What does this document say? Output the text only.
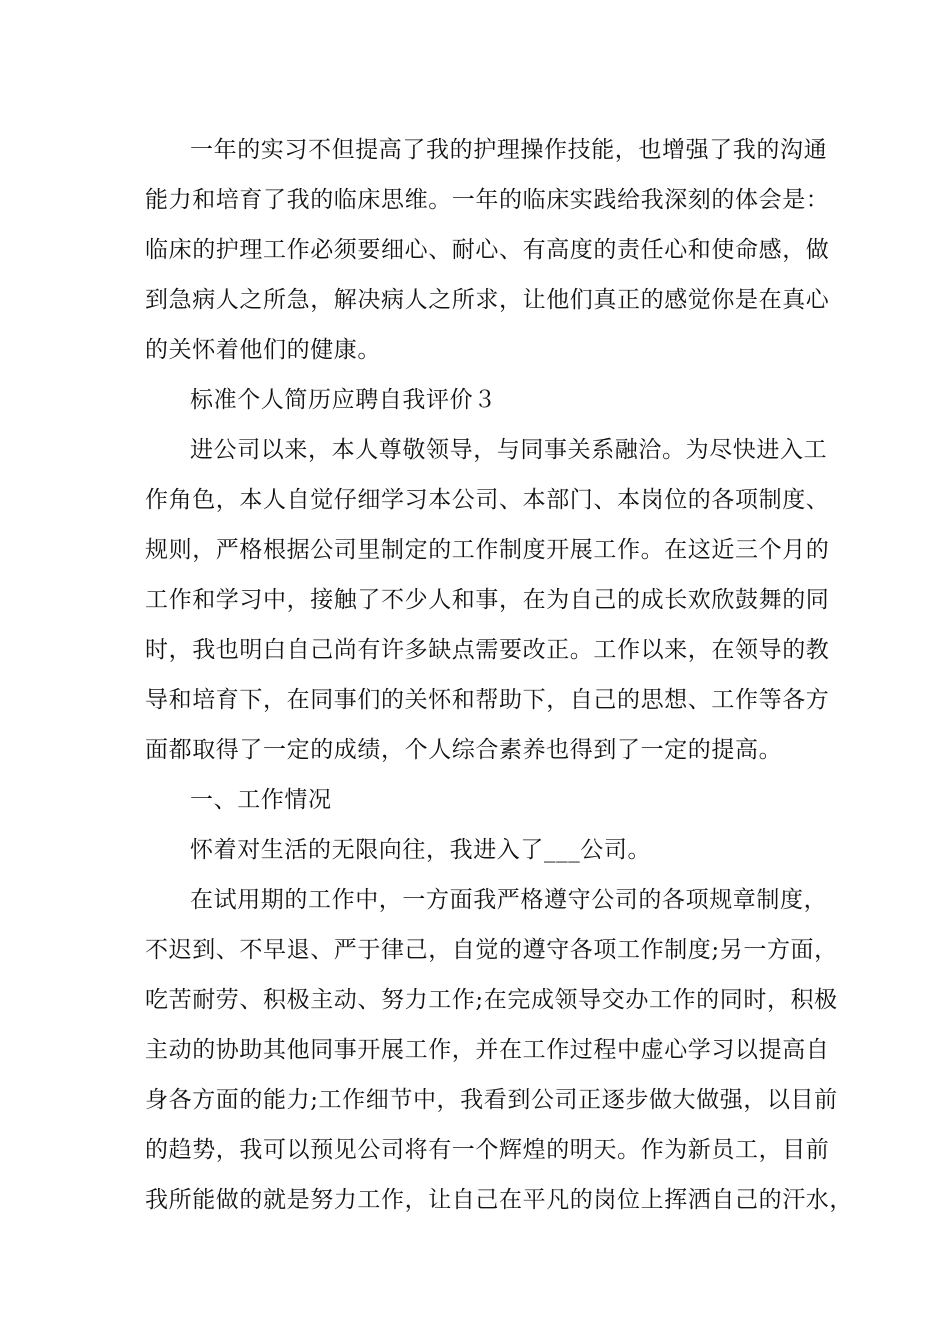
一年的实习不但提高了我的护理操作技能，也增强了我的沟通
能力和培育了我的临床思维。一年的临床实践给我深刻的体会是：
临床的护理工作必须要细心、耐心、有高度的责任心和使命感，做
到急病人之所急，解决病人之所求，让他们真正的感觉你是在真心
的关怀着他们的健康。
标准个人简历应聘自我评价３
进公司以来，本人尊敬领导，与同事关系融洽。为尽快进入工
作角色，本人自觉仔细学习本公司、本部门、本岗位的各项制度、
规则，严格根据公司里制定的工作制度开展工作。在这近三个月的
工作和学习中，接触了不少人和事，在为自己的成长欢欣鼓舞的同
时，我也明白自己尚有许多缺点需要改正。工作以来，在领导的教
导和培育下，在同事们的关怀和帮助下，自己的思想、工作等各方
面都取得了一定的成绩，个人综合素养也得到了一定的提高。
一、工作情况
怀着对生活的无限向往，我进入了___公司。
在试用期的工作中，一方面我严格遵守公司的各项规章制度，
不迟到、不早退、严于律己，自觉的遵守各项工作制度;另一方面，
吃苦耐劳、积极主动、努力工作;在完成领导交办工作的同时，积极
主动的协助其他同事开展工作，并在工作过程中虚心学习以提高自
身各方面的能力;工作细节中，我看到公司正逐步做大做强，以目前
的趋势，我可以预见公司将有一个辉煌的明天。作为新员工，目前
我所能做的就是努力工作，让自己在平凡的岗位上挥洒自己的汗水，
